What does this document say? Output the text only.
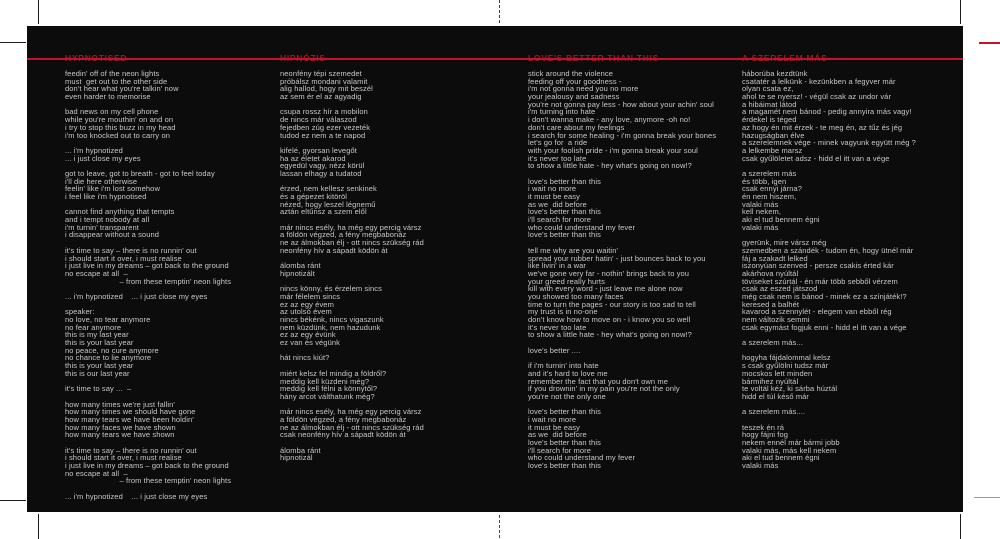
feedin' off of the neon lights
must  get out to the other side
don't hear what you're talkin' now
even harder to memorise
bad news on my cell phone
while you're mouthin' on and on
i try to stop this buzz in my head
i'm too knocked out to carry on
... i'm hypnotized
... i just close my eyes
got to leave, got to breath - got to feel today
i'll die here otherwise
feelin' like i'm lost somehow
i feel like i'm hypnotised
cannot find anything that tempts
and i tempt nobody at all
i'm turnin' transparent
i disappear without a sound
it's time to say – there is no runnin' out
i should start it over, i must realise
i just live in my dreams – got back to the ground
no escape at all  –
– from these temptin' neon lights
... i'm hypnotized    ... i just close my eyes
speaker:
no love, no tear anymore
no fear anymore
this is my last year
this is your last year
no peace, no cure anymore
no chance to lie anymore
this is your last year
this is our last year
it's time to say ...  –
how many times we're just fallin'
how many times we should have gone
how many tears we have been holdin'
how many faces we have shown
how many tears we have shown
it's time to say – there is no runnin' out
i should start it over, i must realise
i just live in my dreams – got back to the ground
no escape at all  –
– from these temptin' neon lights
... i'm hypnotized    ... i just close my eyes
neonfény tépi szemedet
próbálsz mondani valamit
alig hallod, hogy mit beszél
az sem ér el az agyadig
csupa rossz hír a mobilon
de nincs már válaszod
fejedben zúg ezer vezeték
tudod ez nem a te napod
kifelé, gyorsan levegőt
ha az életet akarod
egyedül vagy, nézz körül
lassan elhagy a tudatod
érzed, nem kellesz senkinek
és a gépezet kitöröl
nézed, hogy leszel légnemű
aztán eltűnsz a szem elől
már nincs esély, ha még egy percig vársz
a földön végzed, a fény megbabonáz
ne az álmokban élj - ott nincs szükség rád
neonfény hív a sápadt ködön át
álomba ránt
hipnotizált
nincs könny, és érzelem sincs
már félelem sincs
ez az egy évem
az utolsó évem
nincs békénk, nincs vigaszunk
nem küzdünk, nem hazudunk
ez az egy évünk
ez van és végünk
hát nincs kiút?
miért kelsz fel mindig a földről?
meddig kell küzdeni még?
meddig kell félni a könnytől?
hány arcot válthatunk még?
már nincs esély, ha még egy percig vársz
a földön végzed, a fény megbabonáz
ne az álmokban élj - ott nincs szükség rád
csak neonfény hív a sápadt ködön át
álomba ránt
hipnotizál
stick around the violence
feeding off your goodness -
i'm not gonna need you no more
your jealousy and sadness
you're not gonna pay less - how about your achin' soul
i'm turning into hate
i don't wanna make - any love, anymore -oh no!
don't care about my feelings
i search for some healing - i'm gonna break your bones
let's go for  a ride
with your foolish pride - i'm gonna break your soul
it's never too late
to show a little hate - hey what's going on now!?
love's better than this
i wait no more
it must be easy
as we  did before
love's better than this
i'll search for more
who could understand my fever
love's better than this
tell me why are you waitin'
spread your rubber hatin' - just bounces back to you
like livin' in a war
we've gone very far - nothin' brings back to you
your greed really hurts
kill with every word - just leave me alone now
you showed too many faces
time to turn the pages - our story is too sad to tell
my trust is in no-one
don't know how to move on - i know you so well
it's never too late
to show a little hate - hey what's going on now!?
love's better ....
if i'm turnin' into hate
and it's hard to love me
remember the fact that you don't own me
if you drownin' in my pain you're not the only
you're not the only one
love's better than this
i wait no more
it must be easy
as we  did before
love's better than this
i'll search for more
who could understand my fever
love's better than this
háborúba kezdtünk
csatatér a lelkünk - kezünkben a fegyver már
olyan csata ez,
ahol te se nyersz! - végül csak az undor vár
a hibáimat látod
a magamét nem bánod - pedig annyira más vagy!
érdekel is téged
az hogy én mit érzek - te meg én, az tűz és jég
hazugságban élve
a szerelemnek vége - minek vagyunk együtt még ?
a lelkembe marsz
csak gyűlöletet adsz - hidd el itt van a vége
a szerelem más
és több, igen
csak ennyi járna?
én nem hiszem,
valaki más
kell nekem,
aki el tud bennem égni
valaki más
gyerünk, mire vársz még
szemedben a szándék - tudom én, hogy ütnél már
fáj a szakadt lelked
iszonyúan szenved - persze csakis érted kár
akárhova nyúltál
töviseket szúrtál - én már több sebből vérzem
csak az eszed játszod
még csak nem is bánod - minek ez a színjáték!?
keresed a balhét
kavarod a szennylét - elegem van ebből rég
nem változik semmi
csak egymást fogjuk enni - hidd el itt van a vége
a szerelem más...
hogyha fájdalommal kelsz
s csak gyűlölni tudsz már
mocskos lett minden
bármihez nyúltál
te voltál kéz, ki sárba húztál
hidd el túl késő már
a szerelem más....
teszek én rá
hogy fájni fog
nekem ennél már bármi jobb
valaki más, más kell nekem
aki el tud bennem égni
valaki más
